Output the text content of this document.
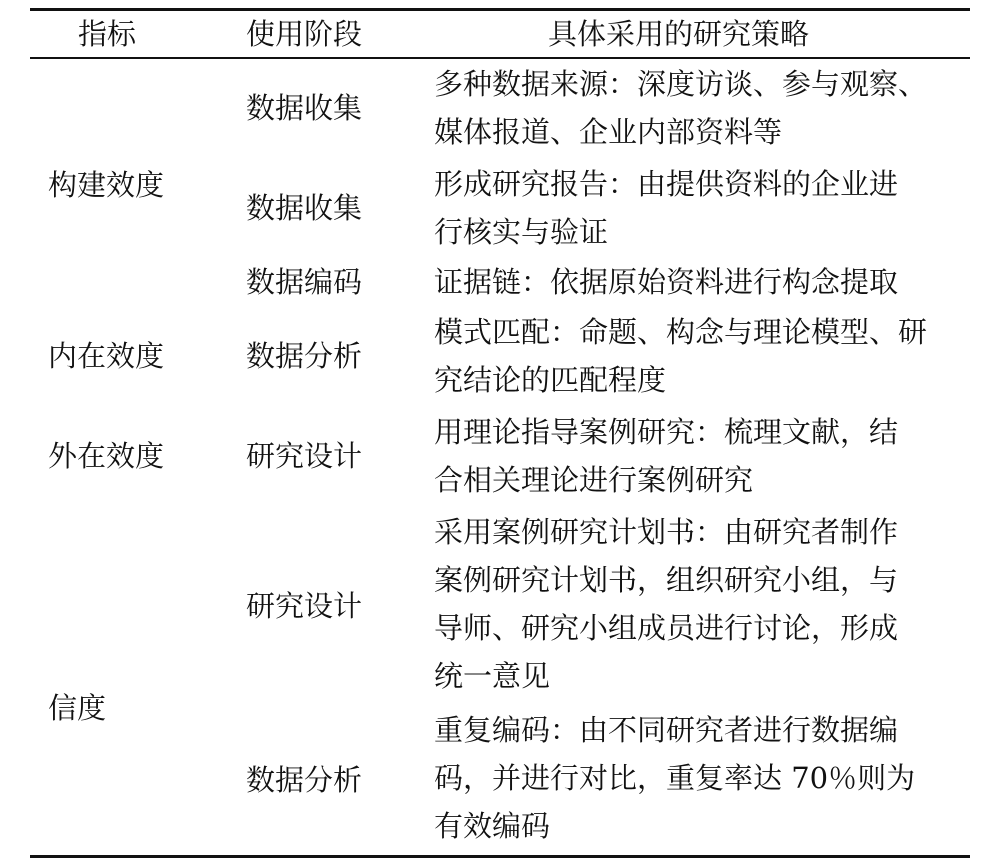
指标	使用阶段	具体采用的研究策略
构建效度
内在效度
外在效度
信度
数据收集
多种数据来源：深度访谈、参与观察、
媒体报道、企业内部资料等
数据收集
形成研究报告：由提供资料的企业进
行核实与验证
数据编码 证据链：依据原始资料进行构念提取
数据分析
模式匹配：命题、构念与理论模型、研
究结论的匹配程度
研究设计
用理论指导案例研究：梳理文献，结
合相关理论进行案例研究
研究设计
采用案例研究计划书：由研究者制作
案例研究计划书，组织研究小组，与
导师、研究小组成员进行讨论，形成
统一意见
数据分析
重复编码：由不同研究者进行数据编
码，并进行对比，重复率达 70％则为
有效编码
